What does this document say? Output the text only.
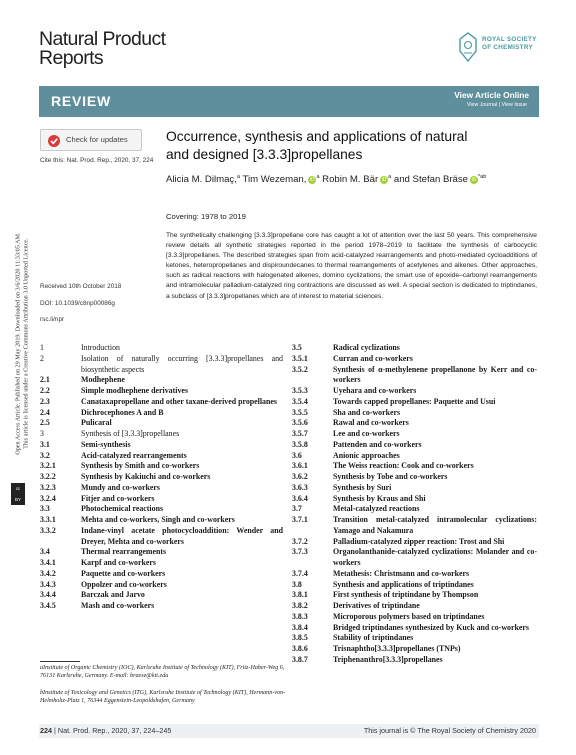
Natural Product
Reports
ROYAL SOCIETY
OF CHEMISTRY
REVIEW	View Article Online
View Journal | View Issue
Open Access Article. Published on 29 May 2019. Downloaded on 3/6/2020 11:33:05 AM. This article is licensed under a Creative Commons Attribution 3.0 Unported Licence.
cc
BY
Check for updates
Cite this: Nat. Prod. Rep., 2020, 37, 224
Received 10th October 2018
DOI: 10.1039/c8np00086g
rsc.li/npr
Occurrence, synthesis and applications of natural
and designed [3.3.3]propellanes
Alicia M. Dilmaç,$^a$ Tim Wezeman, iD $^a$ Robin M. Bär iD $^a$ and Stefan Bräse iD $^{*ab}$
Covering: 1978 to 2019
The synthetically challenging [3.3.3]propellane core has caught a lot of attention over the last 50 years. This comprehensive review details all synthetic strategies reported in the period 1978–2019 to facilitate the synthesis of carbocyclic [3.3.3]propellanes. The described strategies span from acid-catalyzed rearrangements and photo-mediated cycloadditions of ketones, heteropropellanes and dispiroundecanes to thermal rearrangements of acetylenes and alkenes. Other approaches, such as radical reactions with halogenated alkenes, domino cyclizations, the smart use of epoxide–carbonyl rearrangements and intramolecular palladium-catalyzed ring contractions are discussed as well. A special section is dedicated to triptindanes, a subclass of [3.3.3]propellanes which are of interest to material sciences.
1	Introduction
2	Isolation of naturally occurring [3.3.3]propellanes and biosynthetic aspects
2.1	Modhephene
2.2	Simple modhephene derivatives
2.3	Canataxapropellane and other taxane-derived propellanes
2.4	Dichrocephones A and B
2.5	Pulicaral
3	Synthesis of [3.3.3]propellanes
3.1	Semi-synthesis
3.2	Acid-catalyzed rearrangements
3.2.1	Synthesis by Smith and co-workers
3.2.2	Synthesis by Kakiuchi and co-workers
3.2.3	Mundy and co-workers
3.2.4	Fitjer and co-workers
3.3	Photochemical reactions
3.3.1	Mehta and co-workers, Singh and co-workers
3.3.2	Indane-vinyl acetate photocycloaddition: Wender and Dreyer, Mehta and co-workers
3.4	Thermal rearrangements
3.4.1	Karpf and co-workers
3.4.2	Paquette and co-workers
3.4.3	Oppolzer and co-workers
3.4.4	Barczak and Jarvo
3.4.5	Mash and co-workers
3.5	Radical cyclizations
3.5.1	Curran and co-workers
3.5.2	Synthesis of α-methylenene propellanone by Kerr and co-workers
3.5.3	Uyehara and co-workers
3.5.4	Towards capped propellanes: Paquette and Usui
3.5.5	Sha and co-workers
3.5.6	Rawal and co-workers
3.5.7	Lee and co-workers
3.5.8	Pattenden and co-workers
3.6	Anionic approaches
3.6.1	The Weiss reaction: Cook and co-workers
3.6.2	Synthesis by Tobe and co-workers
3.6.3	Synthesis by Suri
3.6.4	Synthesis by Kraus and Shi
3.7	Metal-catalyzed reactions
3.7.1	Transition metal-catalyzed intramolecular cyclizations: Yamago and Nakamura
3.7.2	Palladium-catalyzed zipper reaction: Trost and Shi
3.7.3	Organolanthanide-catalyzed cyclizations: Molander and co-workers
3.7.4	Metathesis: Christmann and co-workers
3.8	Synthesis and applications of triptindanes
3.8.1	First synthesis of triptindane by Thompson
3.8.2	Derivatives of triptindane
3.8.3	Microporous polymers based on triptindanes
3.8.4	Bridged triptindanes synthesized by Kuck and co-workers
3.8.5	Stability of triptindanes
3.8.6	Trisnaphtho[3.3.3]propellanes (TNPs)
3.8.7	Triphenanthro[3.3.3]propellanes
aInstitute of Organic Chemistry (IOC), Karlsruhe Institute of Technology (KIT), Fritz-Haber-Weg 6, 76131 Karlsruhe, Germany. E-mail: braese@kit.edu
bInstitute of Toxicology and Genetics (ITG), Karlsruhe Institute of Technology (KIT), Hermann-von-Helmholtz-Platz 1, 76344 Eggenstein-Leopoldshafen, Germany
224 | Nat. Prod. Rep., 2020, 37, 224–245	This journal is © The Royal Society of Chemistry 2020
